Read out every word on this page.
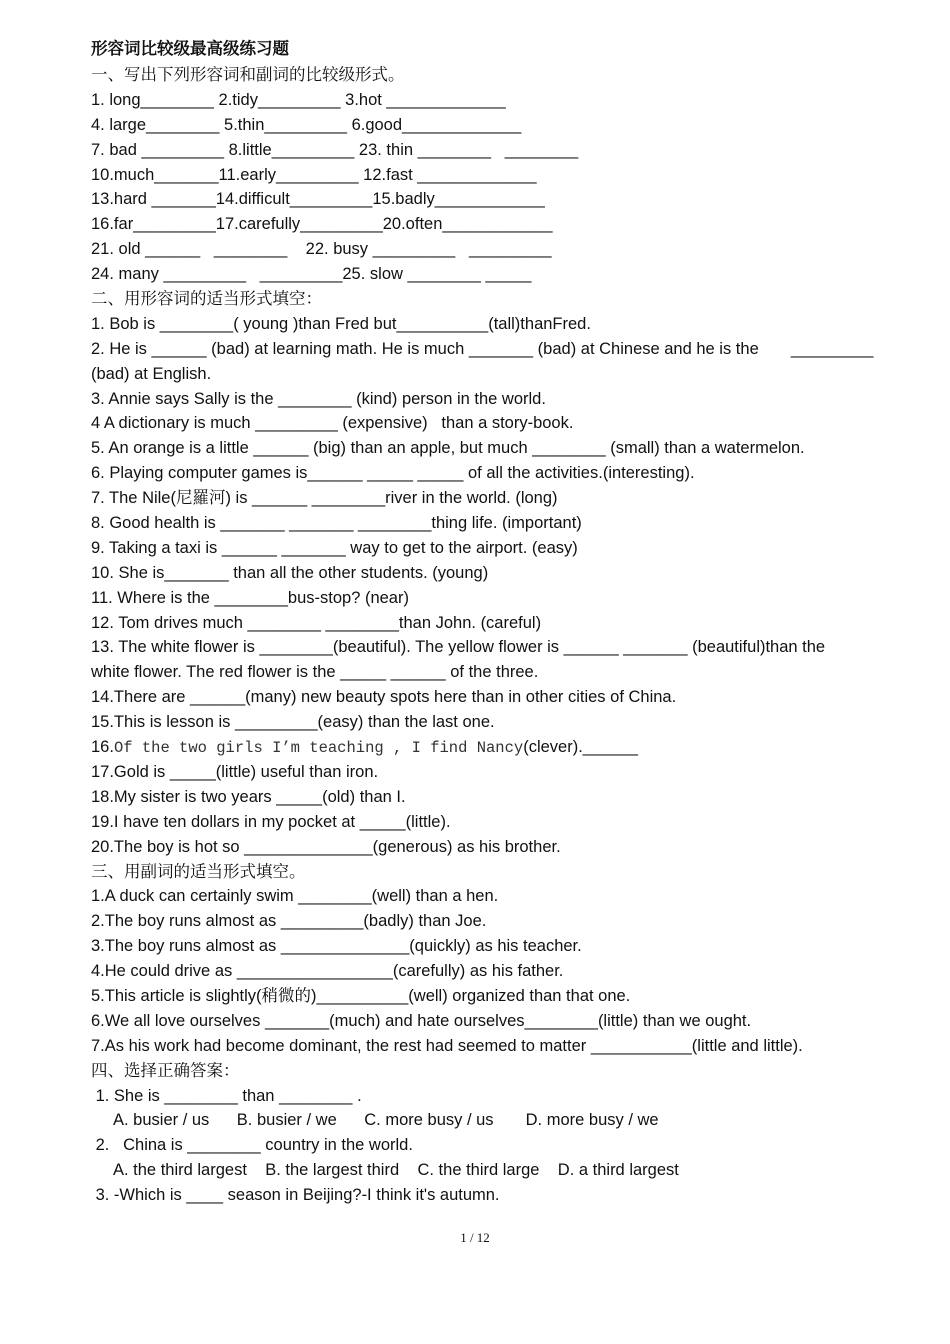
形容词比较级最高级练习题
一、写出下列形容词和副词的比较级形式。
1. long________ 2.tidy_________ 3.hot _____________
4. large________ 5.thin_________ 6.good_____________
7. bad _________ 8.little_________ 23. thin ________   ________
10.much_______11.early_________ 12.fast _____________
13.hard _______14.difficult_________15.badly____________
16.far_________17.carefully_________20.often____________
21. old ______   ________    22. busy _________   _________
24. many _________   _________25. slow ________ _____
二、用形容词的适当形式填空：
1. Bob is ________( young )than Fred but__________(tall)thanFred.
2. He is ______ (bad) at learning math. He is much _______ (bad) at Chinese and he is the       _________
(bad) at English.
3. Annie says Sally is the ________ (kind) person in the world.
4 A dictionary is much _________ (expensive)   than a story-book.
5. An orange is a little ______ (big) than an apple, but much ________ (small) than a watermelon.
6. Playing computer games is______ _____ _____ of all the activities.(interesting).
7. The Nile(尼羅河) is ______ ________river in the world. (long)
8. Good health is _______ _______ ________thing life. (important)
9. Taking a taxi is ______ _______ way to get to the airport. (easy)
10. She is_______ than all the other students. (young)
11. Where is the ________bus-stop? (near)
12. Tom drives much ________ ________than John. (careful)
13. The white flower is ________(beautiful). The yellow flower is ______ _______ (beautiful)than the
white flower. The red flower is the _____ ______ of the three.
14.There are ______(many) new beauty spots here than in other cities of China.
15.This is lesson is _________(easy) than the last one.
16.Of the two girls I’m teaching , I find Nancy(clever).______
17.Gold is _____(little) useful than iron.
18.My sister is two years _____(old) than I.
19.I have ten dollars in my pocket at _____(little).
20.The boy is hot so ______________(generous) as his brother.
三、用副词的适当形式填空。
1.A duck can certainly swim ________(well) than a hen.
2.The boy runs almost as _________(badly) than Joe.
3.The boy runs almost as ______________(quickly) as his teacher.
4.He could drive as _________________(carefully) as his father.
5.This article is slightly(稍微的)__________(well) organized than that one.
6.We all love ourselves _______(much) and hate ourselves________(little) than we ought.
7.As his work had become dominant, the rest had seemed to matter ___________(little and little).
四、选择正确答案：
1. She is ________ than ________ .
A. busier / us      B. busier / we      C. more busy / us       D. more busy / we
2.   China is ________ country in the world.
A. the third largest    B. the largest third    C. the third large    D. a third largest
3. -Which is ____ season in Beijing?-I think it's autumn.
1 / 12
